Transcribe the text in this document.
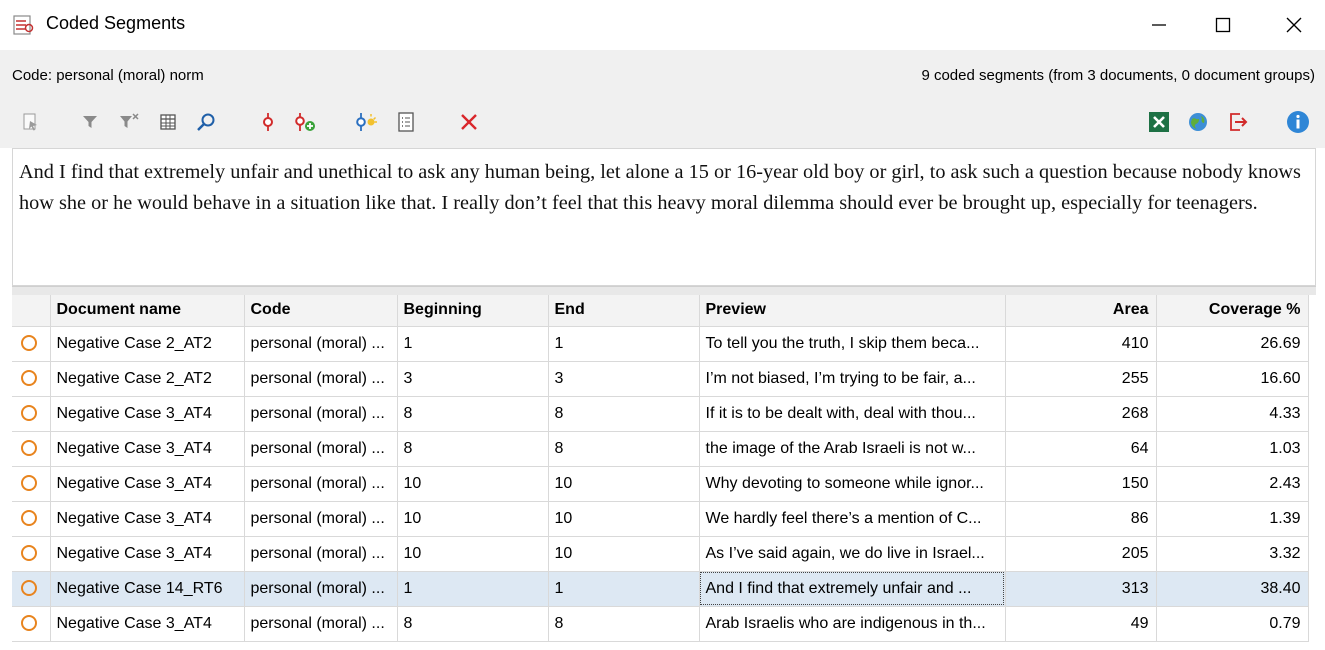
Coded Segments
Code: personal (moral) norm	9 coded segments (from 3 documents, 0 document groups)
And I find that extremely unfair and unethical to ask any human being, let alone a 15 or 16-year old boy or girl, to ask such a question because nobody knows how she or he would behave in a situation like that. I really don’t feel that this heavy moral dilemma should ever be brought up, especially for teenagers.
	Document name	Code	Beginning	End	Preview	Area	Coverage %
	Negative Case 2_AT2	personal (moral) ...	1	1	To tell you the truth, I skip them beca...	410	26.69
	Negative Case 2_AT2	personal (moral) ...	3	3	I’m not biased, I’m trying to be fair, a...	255	16.60
	Negative Case 3_AT4	personal (moral) ...	8	8	If it is to be dealt with, deal with thou...	268	4.33
	Negative Case 3_AT4	personal (moral) ...	8	8	the image of the Arab Israeli is not w...	64	1.03
	Negative Case 3_AT4	personal (moral) ...	10	10	Why devoting to someone while ignor...	150	2.43
	Negative Case 3_AT4	personal (moral) ...	10	10	We hardly feel there’s a mention of C...	86	1.39
	Negative Case 3_AT4	personal (moral) ...	10	10	As I’ve said again, we do live in Israel...	205	3.32
	Negative Case 14_RT6	personal (moral) ...	1	1	And I find that extremely unfair and ...	313	38.40
	Negative Case 3_AT4	personal (moral) ...	8	8	Arab Israelis who are indigenous in th...	49	0.79
